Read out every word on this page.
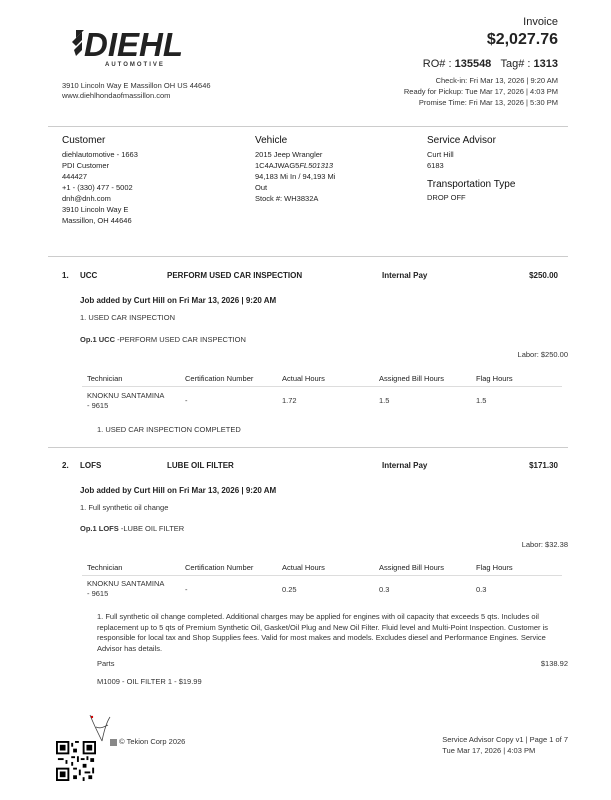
DIEHL
AUTOMOTIVE
3910 Lincoln Way E Massillon OH US 44646
www.diehlhondaofmassillon.com
Invoice
$2,027.76
RO# : 135548 Tag# : 1313
Check-in: Fri Mar 13, 2026 | 9:20 AM
Ready for Pickup: Tue Mar 17, 2026 | 4:03 PM
Promise Time: Fri Mar 13, 2026 | 5:30 PM
Customer
diehlautomotive - 1663
PDI Customer
444427
+1 - (330) 477 - 5002
dnh@dnh.com
3910 Lincoln Way E
Massillon, OH 44646
Vehicle
2015 Jeep Wrangler
1C4AJWAG5FL501313
94,183 Mi In / 94,193 Mi
Out
Stock #: WH3832A
Service Advisor
Curt Hill
6183
Transportation Type
DROP OFF
1. UCC	PERFORM USED CAR INSPECTION	Internal Pay	$250.00
Job added by Curt Hill on Fri Mar 13, 2026 | 9:20 AM
1. USED CAR INSPECTION
Op.1 UCC -PERFORM USED CAR INSPECTION
Labor: $250.00
Technician	Certification Number	Actual Hours	Assigned Bill Hours	Flag Hours
KNOKNU SANTAMINA
- 9615
-	1.72	1.5	1.5
1. USED CAR INSPECTION COMPLETED
2. LOFS	LUBE OIL FILTER	Internal Pay	$171.30
Job added by Curt Hill on Fri Mar 13, 2026 | 9:20 AM
1. Full synthetic oil change
Op.1 LOFS -LUBE OIL FILTER
Labor: $32.38
Technician	Certification Number	Actual Hours	Assigned Bill Hours	Flag Hours
KNOKNU SANTAMINA
- 9615	-	0.25	0.3	0.3
1. Full synthetic oil change completed. Additional charges may be applied for engines with oil capacity that exceeds 5 qts. Includes oil replacement up to 5 qts of Premium Synthetic Oil, Gasket/Oil Plug and New Oil Filter. Fluid level and Multi-Point Inspection. Customer is responsible for local tax and Shop Supplies fees. Valid for most makes and models. Excludes diesel and Performance Engines. Service Advisor has details.
Parts	$138.92
M1009 - OIL FILTER 1 - $19.99
© Tekion Corp 2026	Service Advisor Copy v1 | Page 1 of 7
Tue Mar 17, 2026 | 4:03 PM
